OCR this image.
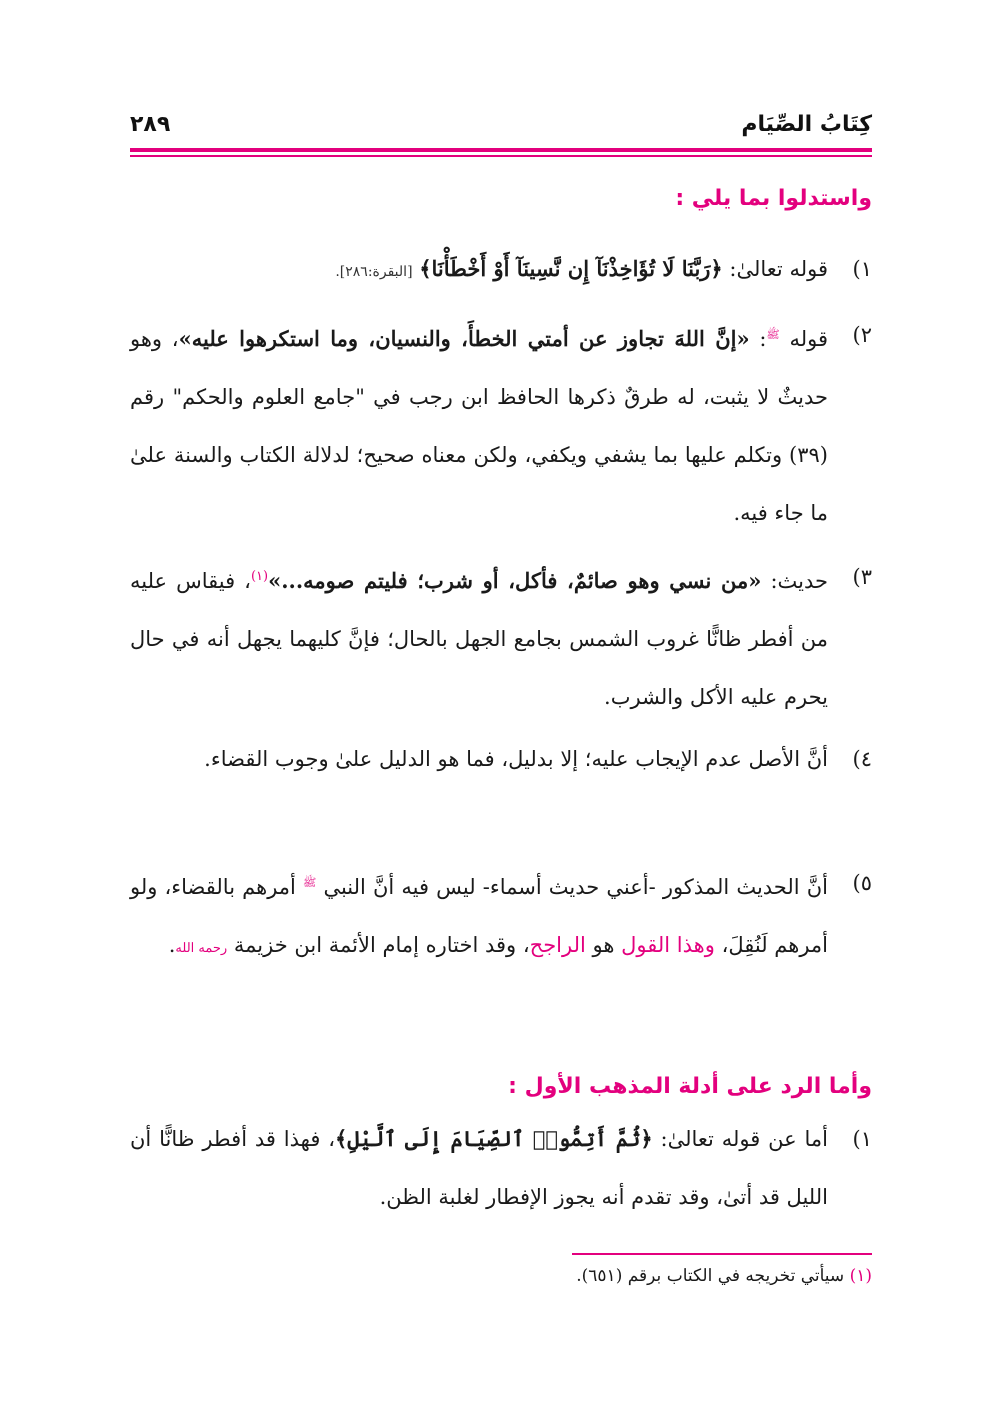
كِتَابُ الصِّيَام
٢٨٩
واستدلوا بما يلي :
١)
قوله تعالىٰ: ﴿رَبَّنَا لَا تُؤَاخِذْنَآ إِن نَّسِينَآ أَوْ أَخْطَأْنَا﴾ [البقرة:٢٨٦].
٢)
قوله $^ﷺ$: «إنَّ اللهَ تجاوز عن أمتي الخطأَ، والنسيان، وما استكرهوا عليه»، وهو حديثٌ لا يثبت، له طرقٌ ذكرها الحافظ ابن رجب في "جامع العلوم والحكم" رقم (٣٩) وتكلم عليها بما يشفي ويكفي، ولكن معناه صحيح؛ لدلالة الكتاب والسنة علىٰ ما جاء فيه.
٣)
حديث: «من نسي وهو صائمٌ، فأكل، أو شرب؛ فليتم صومه...»$^{(١)}$، فيقاس عليه من أفطر ظانًّا غروب الشمس بجامع الجهل بالحال؛ فإنَّ كليهما يجهل أنه في حال يحرم عليه الأكل والشرب.
٤)
أنَّ الأصل عدم الإيجاب عليه؛ إلا بدليل، فما هو الدليل علىٰ وجوب القضاء.
٥)
أنَّ الحديث المذكور -أعني حديث أسماء- ليس فيه أنَّ النبي $^ﷺ$ أمرهم بالقضاء، ولو أمرهم لَنُقِلَ، وهذا القول هو الراجح، وقد اختاره إمام الأئمة ابن خزيمة رحمه الله.
وأما الرد على أدلة المذهب الأول :
١)
أما عن قوله تعالىٰ: ﴿ثُمَّ أَتِمُّوا۟ ٱلصِّيَامَ إِلَى ٱلَّيْلِ﴾، فهذا قد أفطر ظانًّا أن الليل قد أتىٰ، وقد تقدم أنه يجوز الإفطار لغلبة الظن.
(١) سيأتي تخريجه في الكتاب برقم (٦٥١).
